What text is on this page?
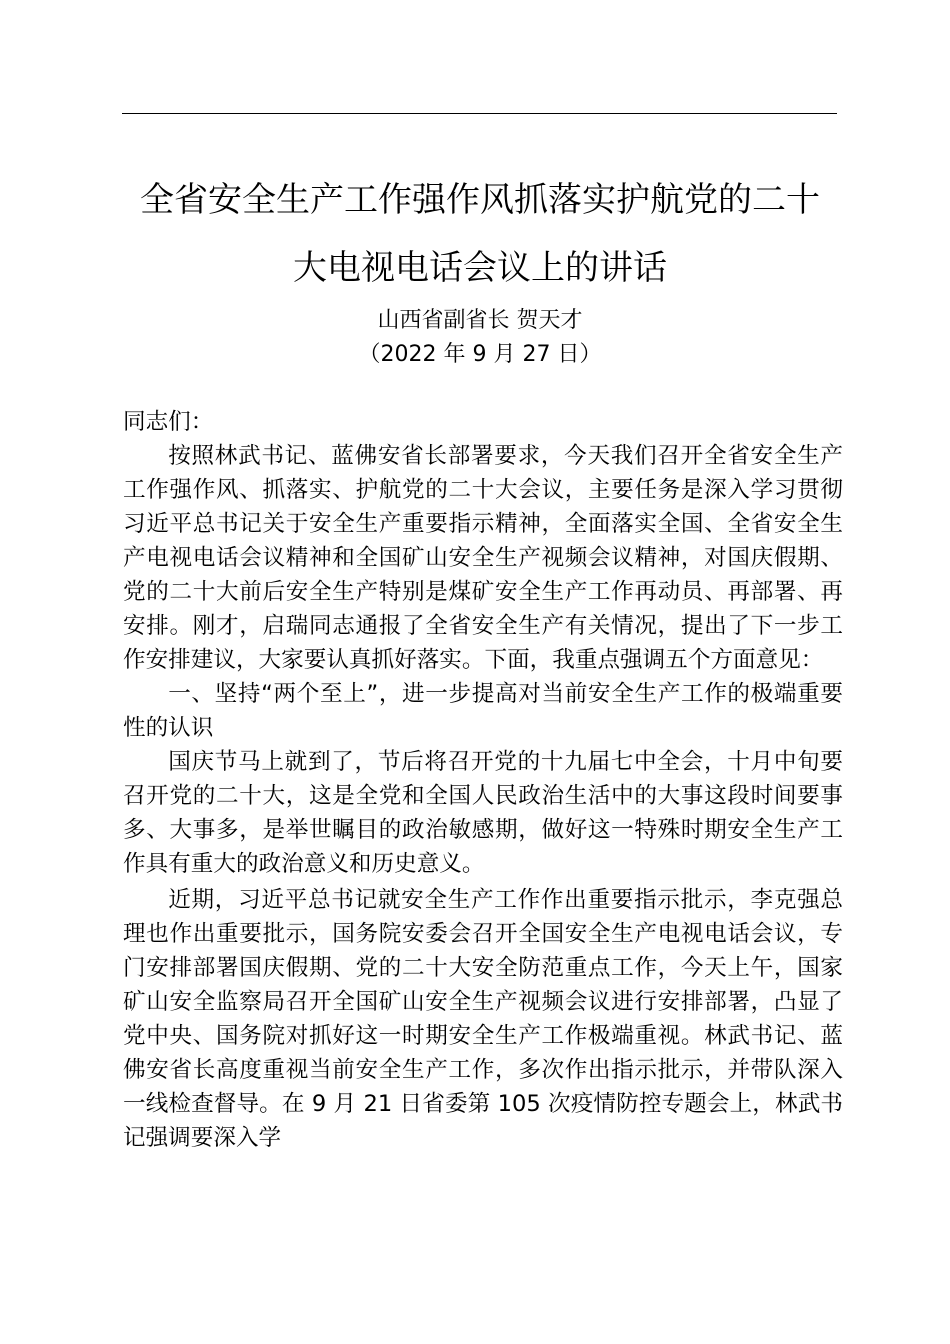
全省安全生产工作强作风抓落实护航党的二十
大电视电话会议上的讲话
山西省副省长 贺天才
（2022 年 9 月 27 日）

同志们：

按照林武书记、蓝佛安省长部署要求，今天我们召开全省安全生产工作强作风、抓落实、护航党的二十大会议，主要任务是深入学习贯彻习近平总书记关于安全生产重要指示精神，全面落实全国、全省安全生产电视电话会议精神和全国矿山安全生产视频会议精神，对国庆假期、党的二十大前后安全生产特别是煤矿安全生产工作再动员、再部署、再安排。刚才，启瑞同志通报了全省安全生产有关情况，提出了下一步工作安排建议，大家要认真抓好落实。下面，我重点强调五个方面意见：

一、坚持“两个至上”，进一步提高对当前安全生产工作的极端重要性的认识

国庆节马上就到了，节后将召开党的十九届七中全会，十月中旬要召开党的二十大，这是全党和全国人民政治生活中的大事这段时间要事多、大事多，是举世瞩目的政治敏感期，做好这一特殊时期安全生产工作具有重大的政治意义和历史意义。

近期，习近平总书记就安全生产工作作出重要指示批示，李克强总理也作出重要批示，国务院安委会召开全国安全生产电视电话会议，专门安排部署国庆假期、党的二十大安全防范重点工作，今天上午，国家矿山安全监察局召开全国矿山安全生产视频会议进行安排部署，凸显了党中央、国务院对抓好这一时期安全生产工作极端重视。林武书记、蓝佛安省长高度重视当前安全生产工作，多次作出指示批示，并带队深入一线检查督导。在 9 月 21 日省委第 105 次疫情防控专题会上，林武书记强调要深入学
